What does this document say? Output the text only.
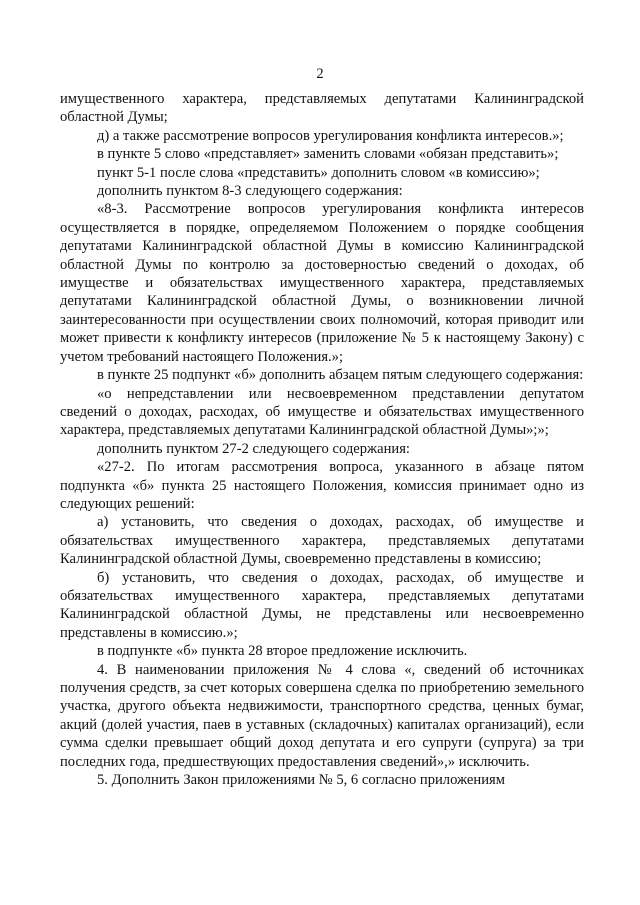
2

имущественного характера, представляемых депутатами Калининградской областной Думы;

д) а также рассмотрение вопросов урегулирования конфликта интересов.»;

в пункте 5 слово «представляет» заменить словами «обязан представить»;

пункт 5-1 после слова «представить» дополнить словом «в комиссию»;

дополнить пунктом 8-3 следующего содержания:

«8-3. Рассмотрение вопросов урегулирования конфликта интересов осуществляется в порядке, определяемом Положением о порядке сообщения депутатами Калининградской областной Думы в комиссию Калининградской областной Думы по контролю за достоверностью сведений о доходах, об имуществе и обязательствах имущественного характера, представляемых депутатами Калининградской областной Думы, о возникновении личной заинтересованности при осуществлении своих полномочий, которая приводит или может привести к конфликту интересов (приложение № 5 к настоящему Закону) с учетом требований настоящего Положения.»;

в пункте 25 подпункт «б» дополнить абзацем пятым следующего содержания:

«о непредставлении или несвоевременном представлении депутатом сведений о доходах, расходах, об имуществе и обязательствах имущественного характера, представляемых депутатами Калининградской областной Думы»;»;

дополнить пунктом 27-2 следующего содержания:

«27-2. По итогам рассмотрения вопроса, указанного в абзаце пятом подпункта «б» пункта 25 настоящего Положения, комиссия принимает одно из следующих решений:

а) установить, что сведения о доходах, расходах, об имуществе и обязательствах имущественного характера, представляемых депутатами Калининградской областной Думы, своевременно представлены в комиссию;

б) установить, что сведения о доходах, расходах, об имуществе и обязательствах имущественного характера, представляемых депутатами Калининградской областной Думы, не представлены или несвоевременно представлены в комиссию.»;

в подпункте «б» пункта 28 второе предложение исключить.

4. В наименовании приложения № 4 слова «, сведений об источниках получения средств, за счет которых совершена сделка по приобретению земельного участка, другого объекта недвижимости, транспортного средства, ценных бумаг, акций (долей участия, паев в уставных (складочных) капиталах организаций), если сумма сделки превышает общий доход депутата и его супруги (супруга) за три последних года, предшествующих предоставления сведений»,» исключить.

5. Дополнить Закон приложениями № 5, 6 согласно приложениям
